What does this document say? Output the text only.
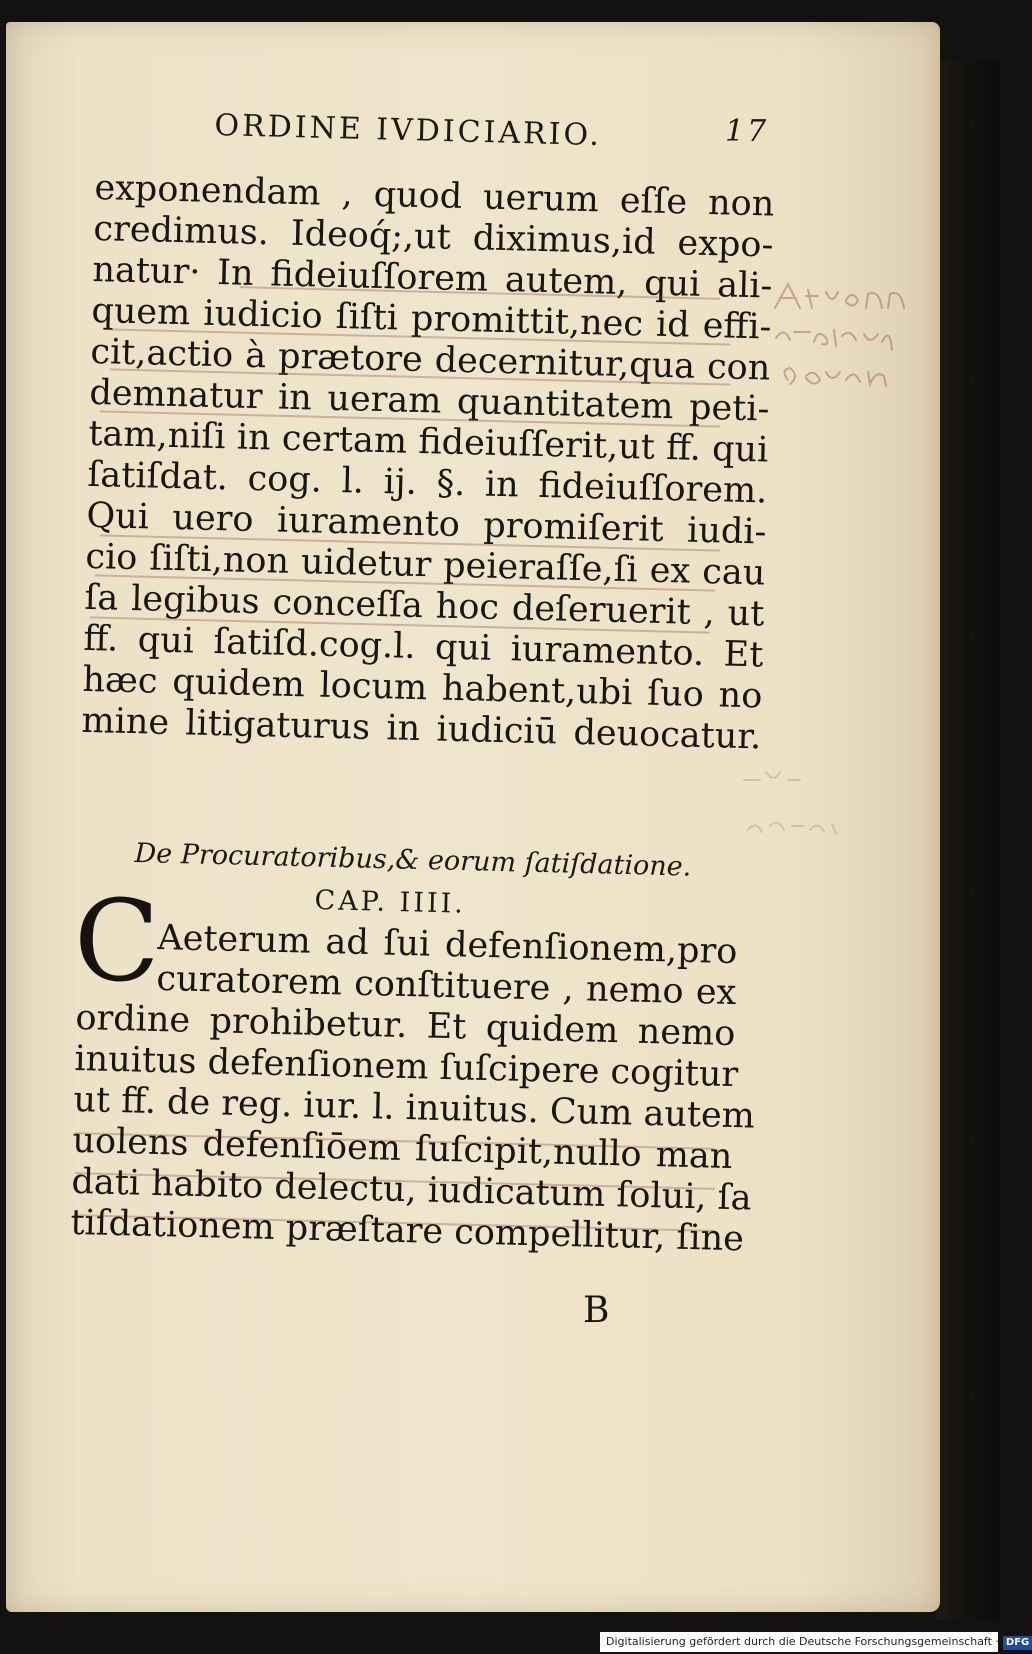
ORDINE IVDICIARIO.	17
exponendam , quod uerum eſſe non
credimus. Ideoq́;,ut diximus,id expo-
natur· In fideiuſſorem autem, qui ali-
quem iudicio ſiſti promittit,nec id effi-
cit,actio à prætore decernitur,qua con
demnatur in ueram quantitatem peti-
tam,niſi in certam fideiuſſerit,ut ff. qui
ſatiſdat. cog. l. ij. §. in fideiuſſorem.
Qui uero iuramento promiſerit iudi-
cio ſiſti,non uidetur peieraſſe,ſi ex cau
ſa legibus conceſſa hoc deſeruerit , ut
ff. qui ſatiſd.cog.l. qui iuramento. Et
hæc quidem locum habent,ubi ſuo no
mine litigaturus in iudiciū deuocatur.
De Procuratoribus,& eorum ſatiſdatione.
CAP. IIII.
C
Aeterum ad ſui defenſionem,pro
curatorem conſtituere , nemo ex
ordine prohibetur. Et quidem nemo
inuitus defenſionem ſuſcipere cogitur
ut ff. de reg. iur. l. inuitus. Cum autem
uolens defenſiōem ſuſcipit,nullo man
dati habito delectu, iudicatum ſolui, ſa
tiſdationem præſtare compellitur, ſine
B
Digitalisierung gefördert durch die Deutsche Forschungsgemeinschaft · DFG
